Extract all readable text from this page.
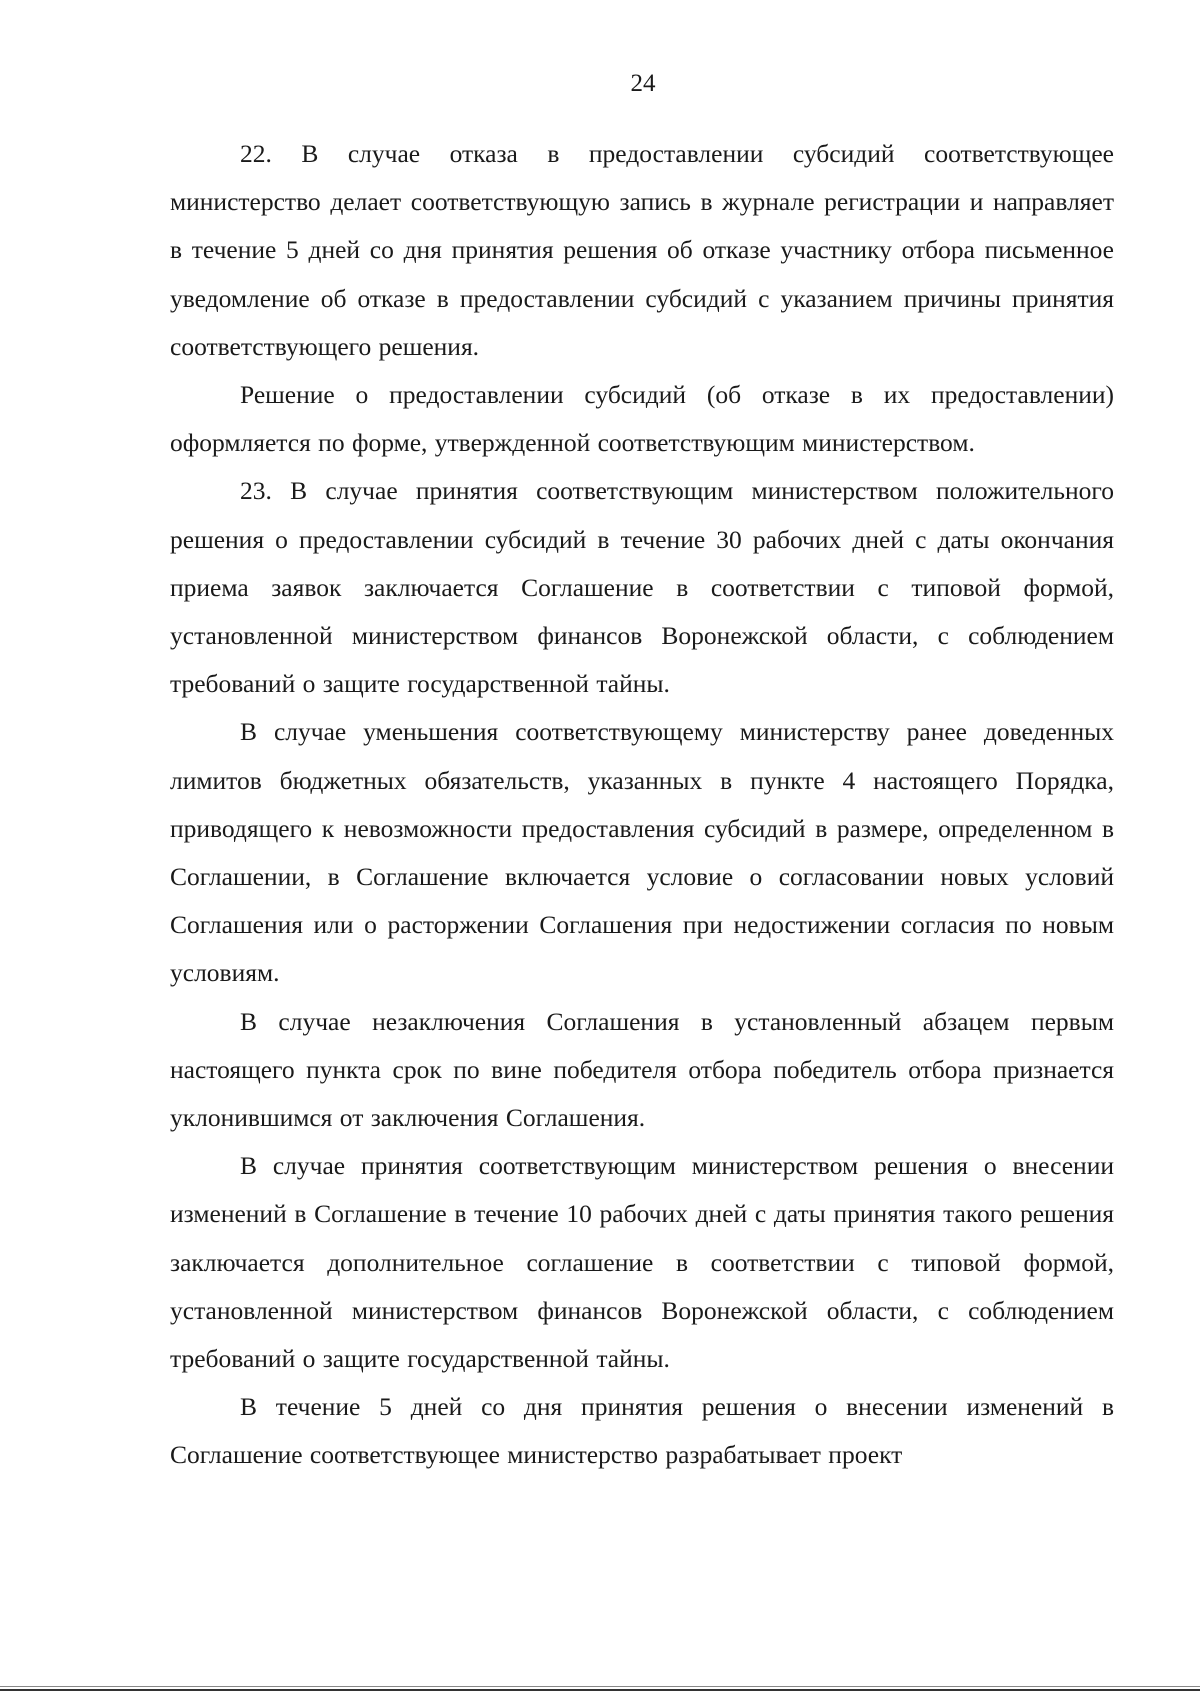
24

22. В случае отказа в предоставлении субсидий соответствующее министерство делает соответствующую запись в журнале регистрации и направляет в течение 5 дней со дня принятия решения об отказе участнику отбора письменное уведомление об отказе в предоставлении субсидий с указанием причины принятия соответствующего решения.

Решение о предоставлении субсидий (об отказе в их предоставлении) оформляется по форме, утвержденной соответствующим министерством.

23. В случае принятия соответствующим министерством положительного решения о предоставлении субсидий в течение 30 рабочих дней с даты окончания приема заявок заключается Соглашение в соответствии с типовой формой, установленной министерством финансов Воронежской области, с соблюдением требований о защите государственной тайны.

В случае уменьшения соответствующему министерству ранее доведенных лимитов бюджетных обязательств, указанных в пункте 4 настоящего Порядка, приводящего к невозможности предоставления субсидий в размере, определенном в Соглашении, в Соглашение включается условие о согласовании новых условий Соглашения или о расторжении Соглашения при недостижении согласия по новым условиям.

В случае незаключения Соглашения в установленный абзацем первым настоящего пункта срок по вине победителя отбора победитель отбора признается уклонившимся от заключения Соглашения.

В случае принятия соответствующим министерством решения о внесении изменений в Соглашение в течение 10 рабочих дней с даты принятия такого решения заключается дополнительное соглашение в соответствии с типовой формой, установленной министерством финансов Воронежской области, с соблюдением требований о защите государственной тайны.

В течение 5 дней со дня принятия решения о внесении изменений в Соглашение соответствующее министерство разрабатывает проект
